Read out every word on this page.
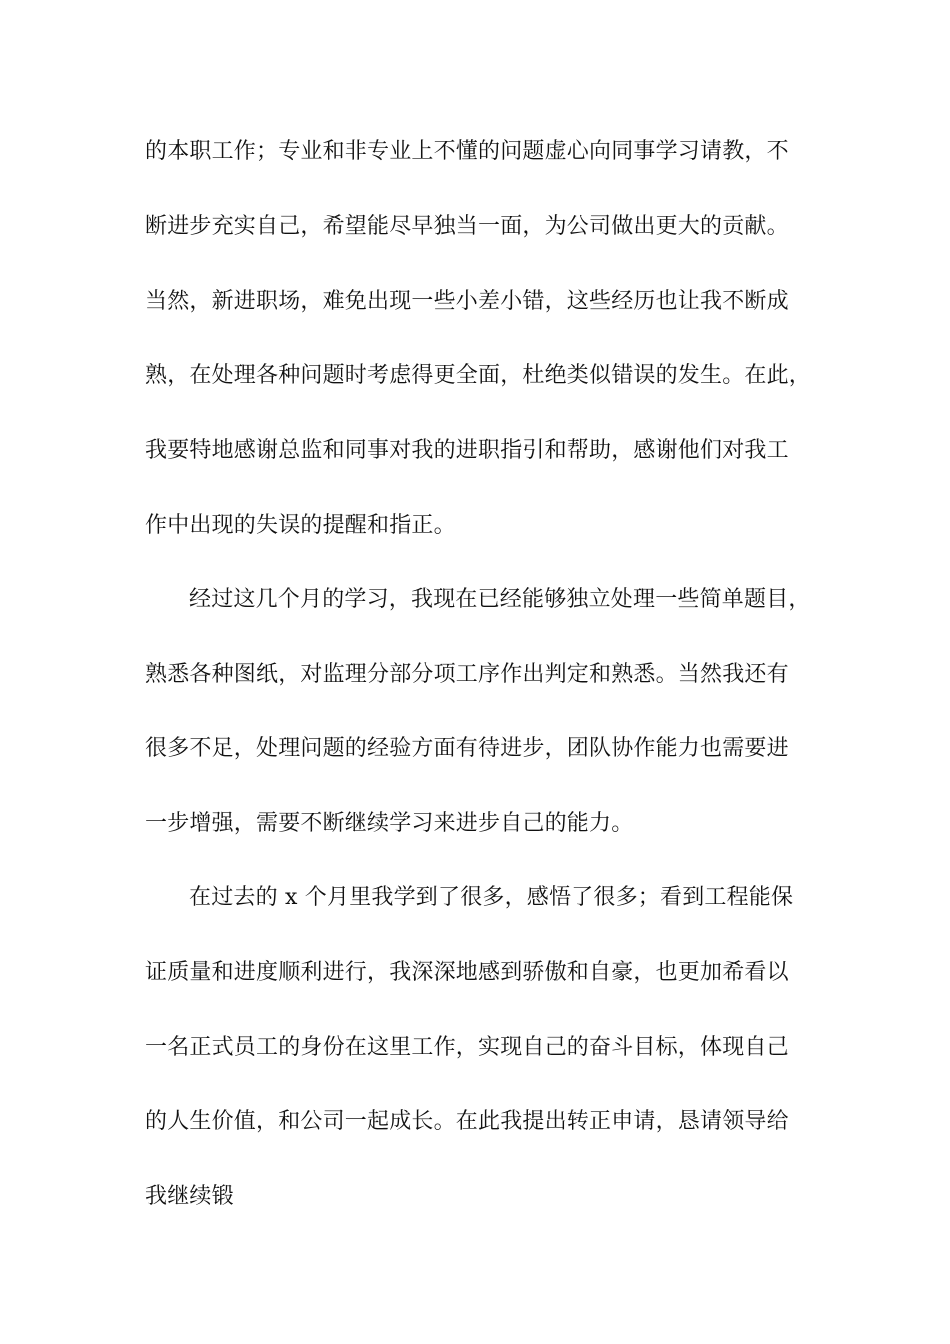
的本职工作；专业和非专业上不懂的问题虚心向同事学习请教，不
断进步充实自己，希望能尽早独当一面，为公司做出更大的贡献。
当然，新进职场，难免出现一些小差小错，这些经历也让我不断成
熟，在处理各种问题时考虑得更全面，杜绝类似错误的发生。在此，
我要特地感谢总监和同事对我的进职指引和帮助，感谢他们对我工
作中出现的失误的提醒和指正。
经过这几个月的学习，我现在已经能够独立处理一些简单题目，
熟悉各种图纸，对监理分部分项工序作出判定和熟悉。当然我还有
很多不足，处理问题的经验方面有待进步，团队协作能力也需要进
一步增强，需要不断继续学习来进步自己的能力。
在过去的 x 个月里我学到了很多，感悟了很多；看到工程能保
证质量和进度顺利进行，我深深地感到骄傲和自豪，也更加希看以
一名正式员工的身份在这里工作，实现自己的奋斗目标，体现自己
的人生价值，和公司一起成长。在此我提出转正申请，恳请领导给
我继续锻
